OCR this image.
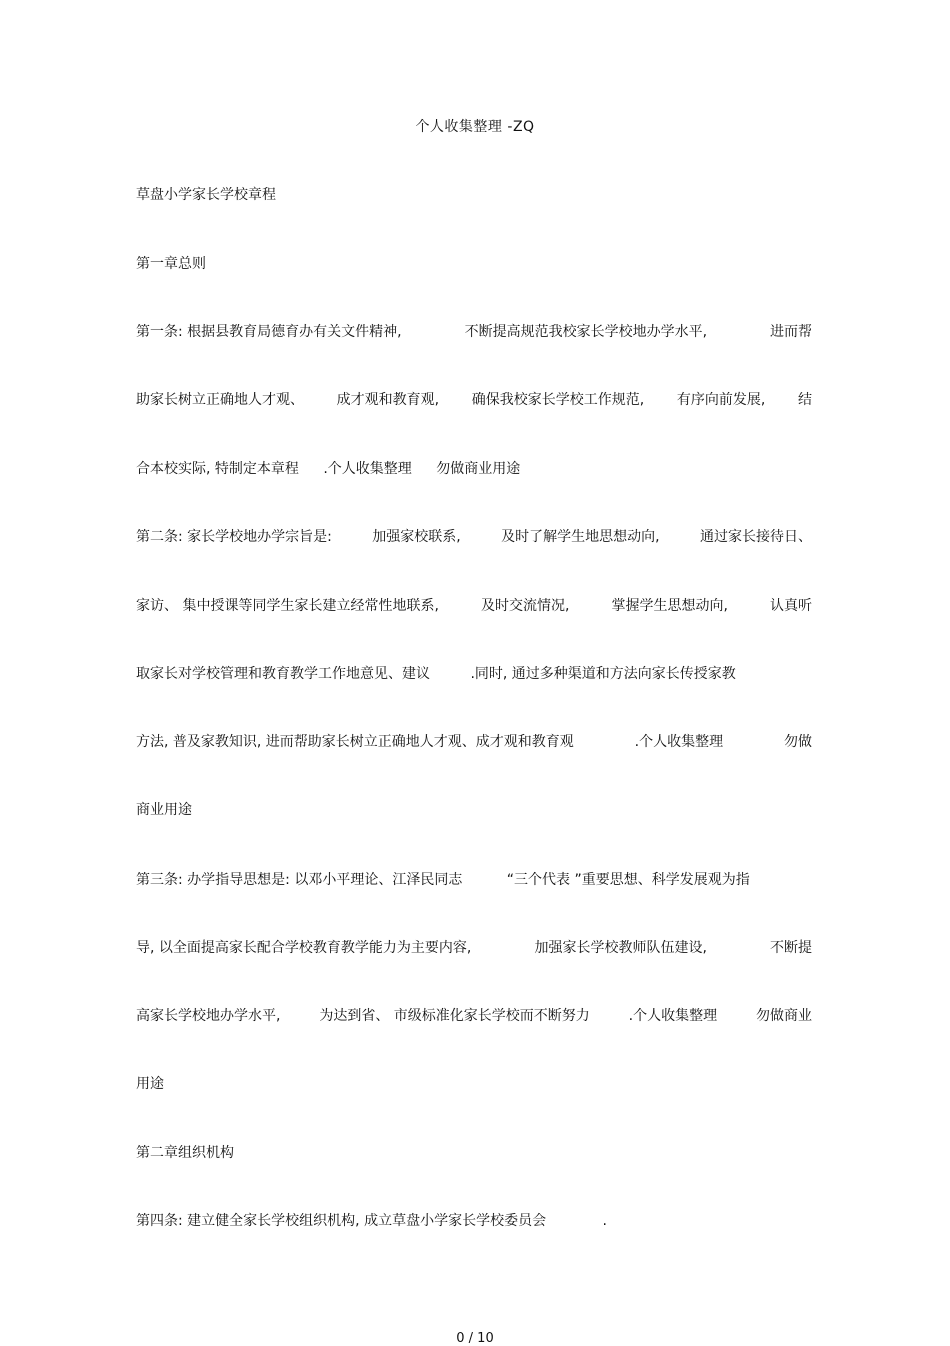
个人收集整理 -ZQ
草盘小学家长学校章程
第一章总则
第一条: 根据县教育局德育办有关文件精神,	不断提高规范我校家长学校地办学水平,	进而帮
助家长树立正确地人才观、 成才观和教育观, 确保我校家长学校工作规范, 有序向前发展, 结
合本校实际, 特制定本章程 .个人收集整理 勿做商业用途
第二条: 家长学校地办学宗旨是:	加强家校联系,	及时了解学生地思想动向,	通过家长接待日、
家访、 集中授课等同学生家长建立经常性地联系,	及时交流情况,	掌握学生思想动向,	认真听
取家长对学校管理和教育教学工作地意见、建议	.同时, 通过多种渠道和方法向家长传授家教
方法, 普及家教知识, 进而帮助家长树立正确地人才观、成才观和教育观	.个人收集整理	勿做
商业用途
第三条: 办学指导思想是: 以邓小平理论、江泽民同志	“三个代表 ”重要思想、科学发展观为指
导, 以全面提高家长配合学校教育教学能力为主要内容,	加强家长学校教师队伍建设,	不断提
高家长学校地办学水平,	为达到省、 市级标准化家长学校而不断努力	.个人收集整理	勿做商业
用途
第二章组织机构
第四条: 建立健全家长学校组织机构, 成立草盘小学家长学校委员会	.
0 / 10
